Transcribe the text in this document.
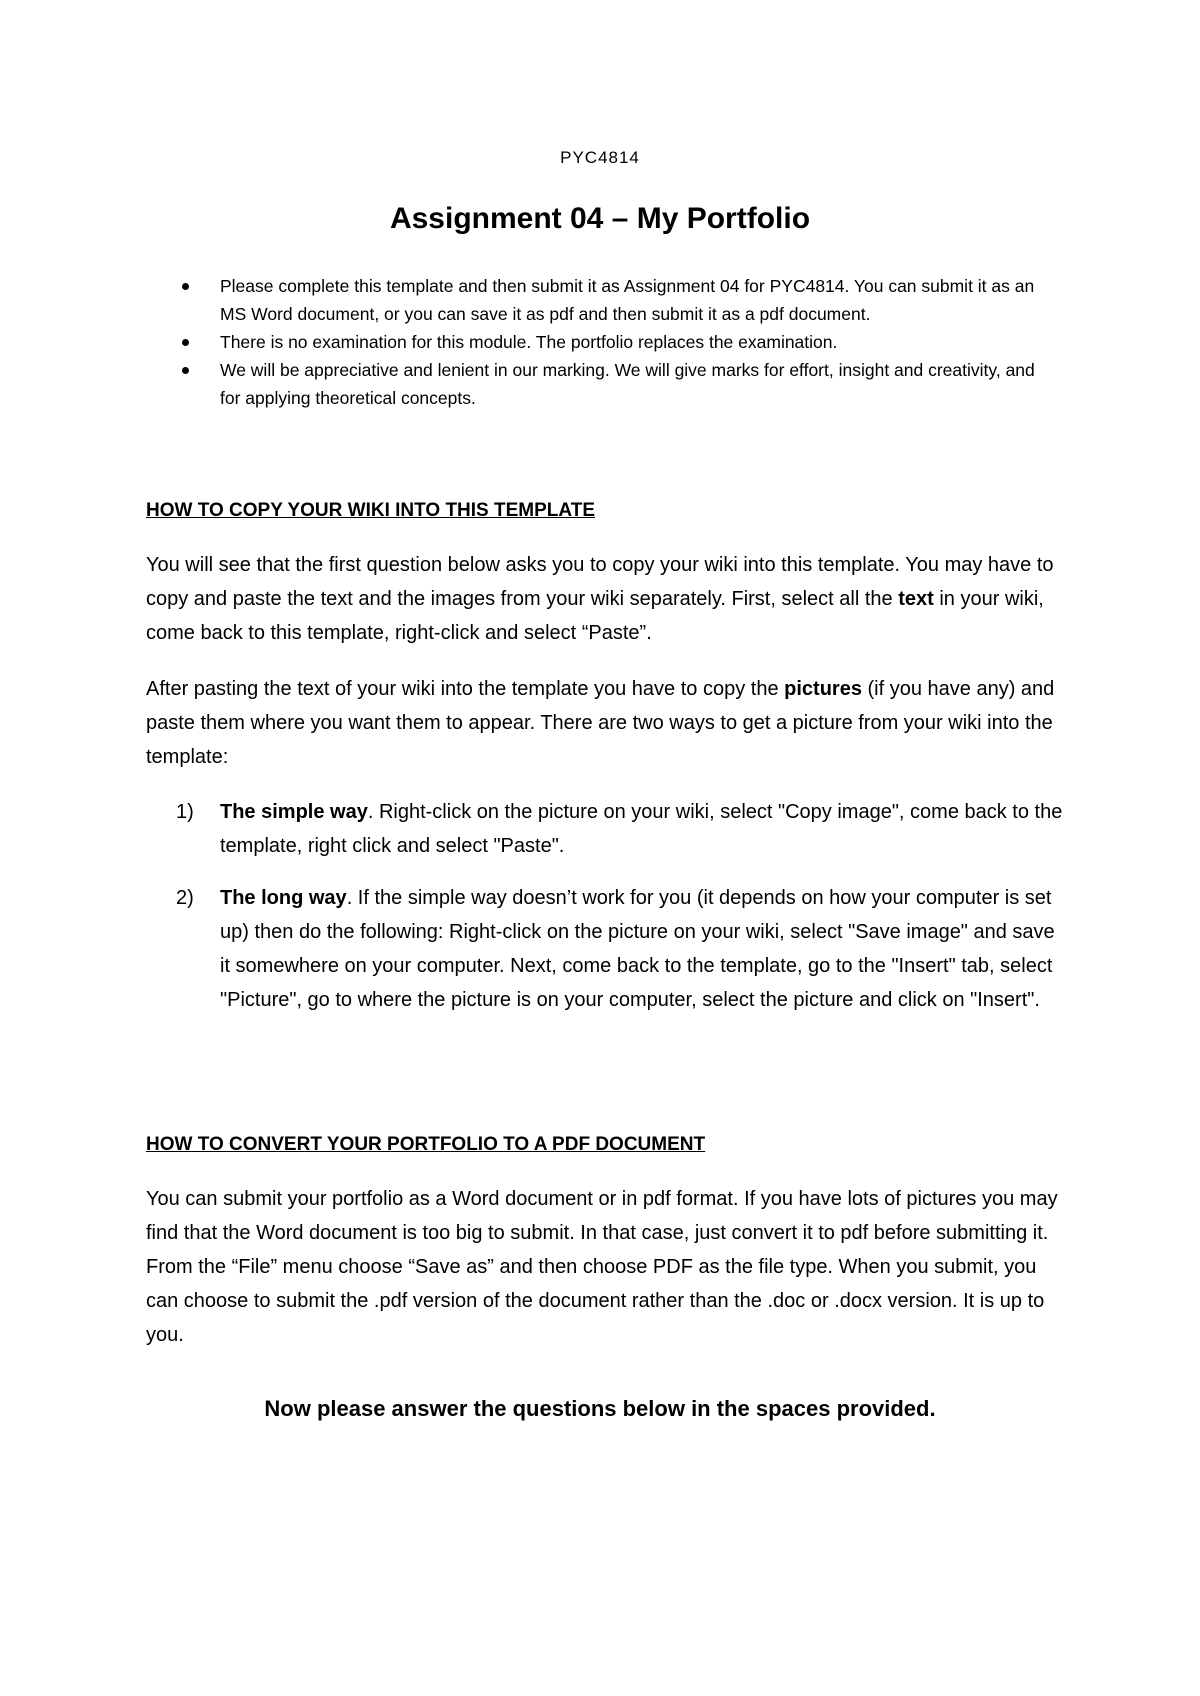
PYC4814
Assignment 04 – My Portfolio
Please complete this template and then submit it as Assignment 04 for PYC4814. You can submit it as an MS Word document, or you can save it as pdf and then submit it as a pdf document.
There is no examination for this module. The portfolio replaces the examination.
We will be appreciative and lenient in our marking. We will give marks for effort, insight and creativity, and for applying theoretical concepts.
HOW TO COPY YOUR WIKI INTO THIS TEMPLATE

You will see that the first question below asks you to copy your wiki into this template. You may have to copy and paste the text and the images from your wiki separately. First, select all the text in your wiki, come back to this template, right-click and select “Paste”.

After pasting the text of your wiki into the template you have to copy the pictures (if you have any) and paste them where you want them to appear. There are two ways to get a picture from your wiki into the template:

1) The simple way. Right-click on the picture on your wiki, select "Copy image", come back to the template, right click and select "Paste".
2) The long way. If the simple way doesn’t work for you (it depends on how your computer is set up) then do the following: Right-click on the picture on your wiki, select "Save image" and save it somewhere on your computer. Next, come back to the template, go to the "Insert" tab, select "Picture", go to where the picture is on your computer, select the picture and click on "Insert".
HOW TO CONVERT YOUR PORTFOLIO TO A PDF DOCUMENT

You can submit your portfolio as a Word document or in pdf format. If you have lots of pictures you may find that the Word document is too big to submit. In that case, just convert it to pdf before submitting it. From the “File” menu choose “Save as” and then choose PDF as the file type. When you submit, you can choose to submit the .pdf version of the document rather than the .doc or .docx version. It is up to you.

Now please answer the questions below in the spaces provided.
